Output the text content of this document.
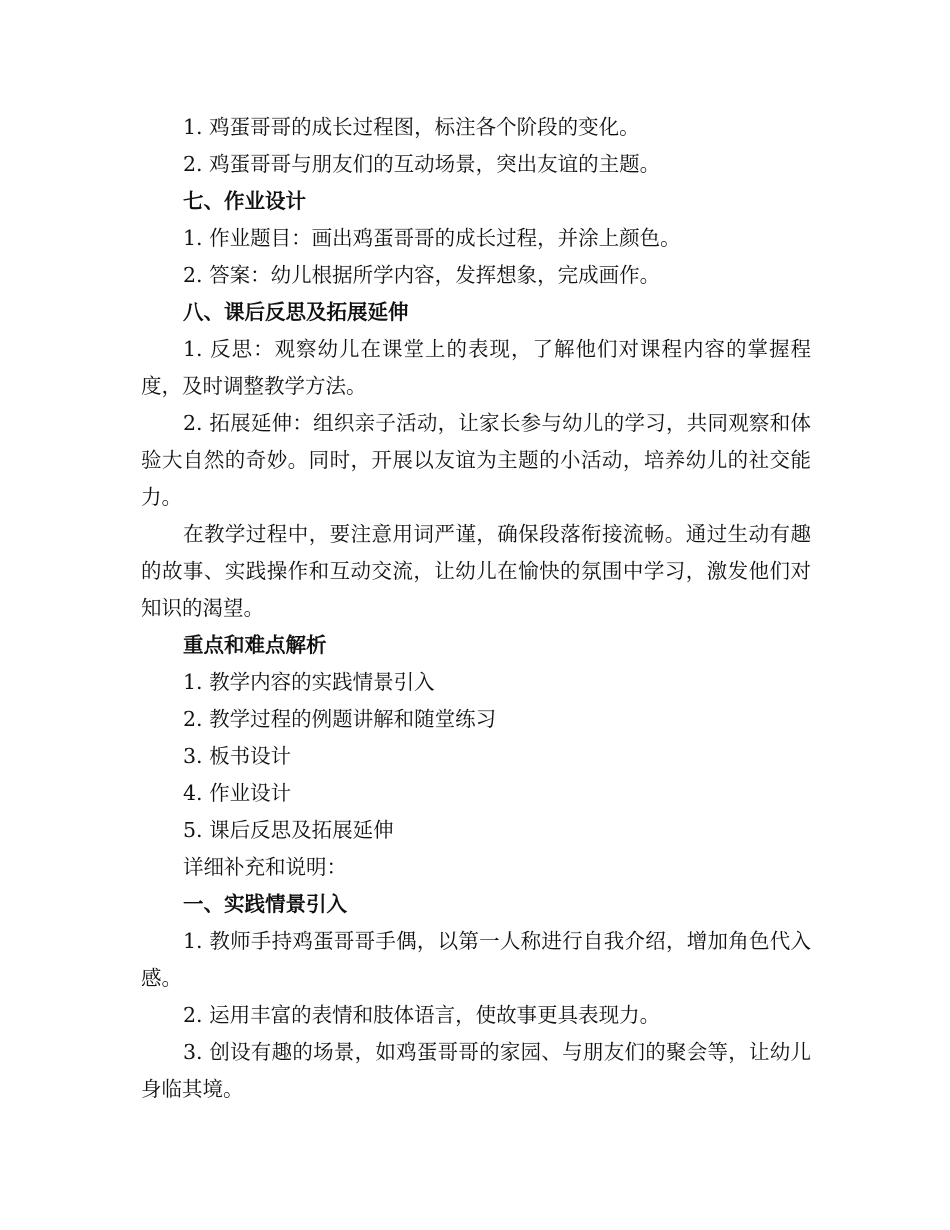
1. 鸡蛋哥哥的成长过程图，标注各个阶段的变化。

2. 鸡蛋哥哥与朋友们的互动场景，突出友谊的主题。

七、作业设计

1. 作业题目：画出鸡蛋哥哥的成长过程，并涂上颜色。

2. 答案：幼儿根据所学内容，发挥想象，完成画作。

八、课后反思及拓展延伸

1. 反思：观察幼儿在课堂上的表现，了解他们对课程内容的掌握程度，及时调整教学方法。

2. 拓展延伸：组织亲子活动，让家长参与幼儿的学习，共同观察和体验大自然的奇妙。同时，开展以友谊为主题的小活动，培养幼儿的社交能力。

在教学过程中，要注意用词严谨，确保段落衔接流畅。通过生动有趣的故事、实践操作和互动交流，让幼儿在愉快的氛围中学习，激发他们对知识的渴望。

重点和难点解析

1. 教学内容的实践情景引入

2. 教学过程的例题讲解和随堂练习

3. 板书设计

4. 作业设计

5. 课后反思及拓展延伸

详细补充和说明：

一、实践情景引入

1. 教师手持鸡蛋哥哥手偶，以第一人称进行自我介绍，增加角色代入感。

2. 运用丰富的表情和肢体语言，使故事更具表现力。

3. 创设有趣的场景，如鸡蛋哥哥的家园、与朋友们的聚会等，让幼儿身临其境。
